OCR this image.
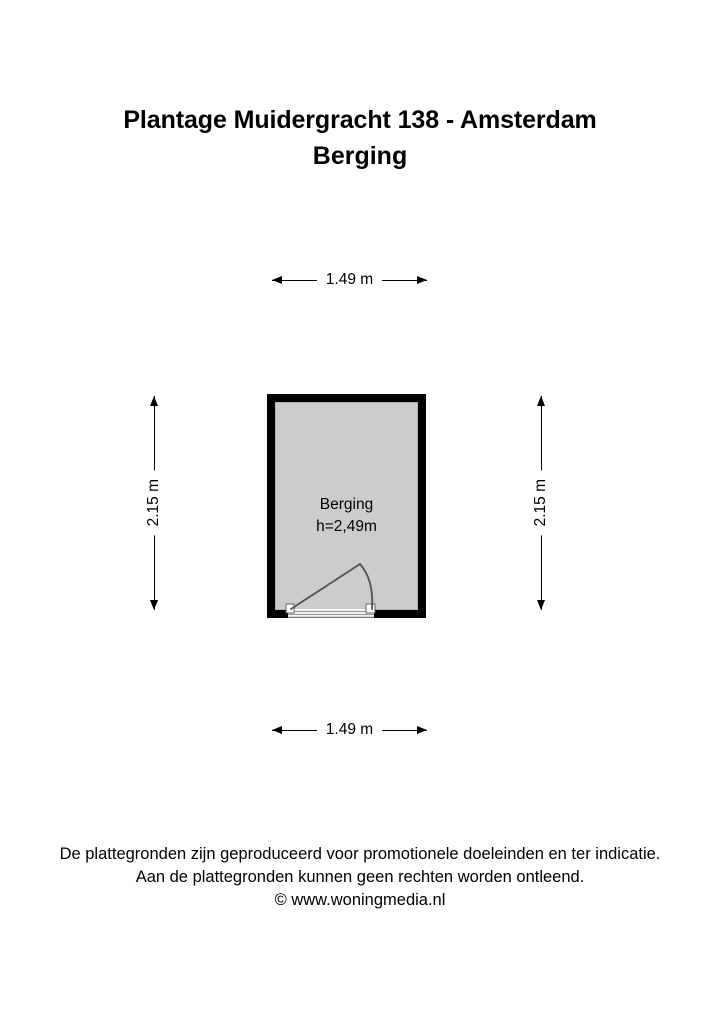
Plantage Muidergracht 138 - Amsterdam
Berging
1.49 m
2.15 m	2.15 m
Berging
h=2,49m
1.49 m
De plattegronden zijn geproduceerd voor promotionele doeleinden en ter indicatie.
Aan de plattegronden kunnen geen rechten worden ontleend.
© www.woningmedia.nl
